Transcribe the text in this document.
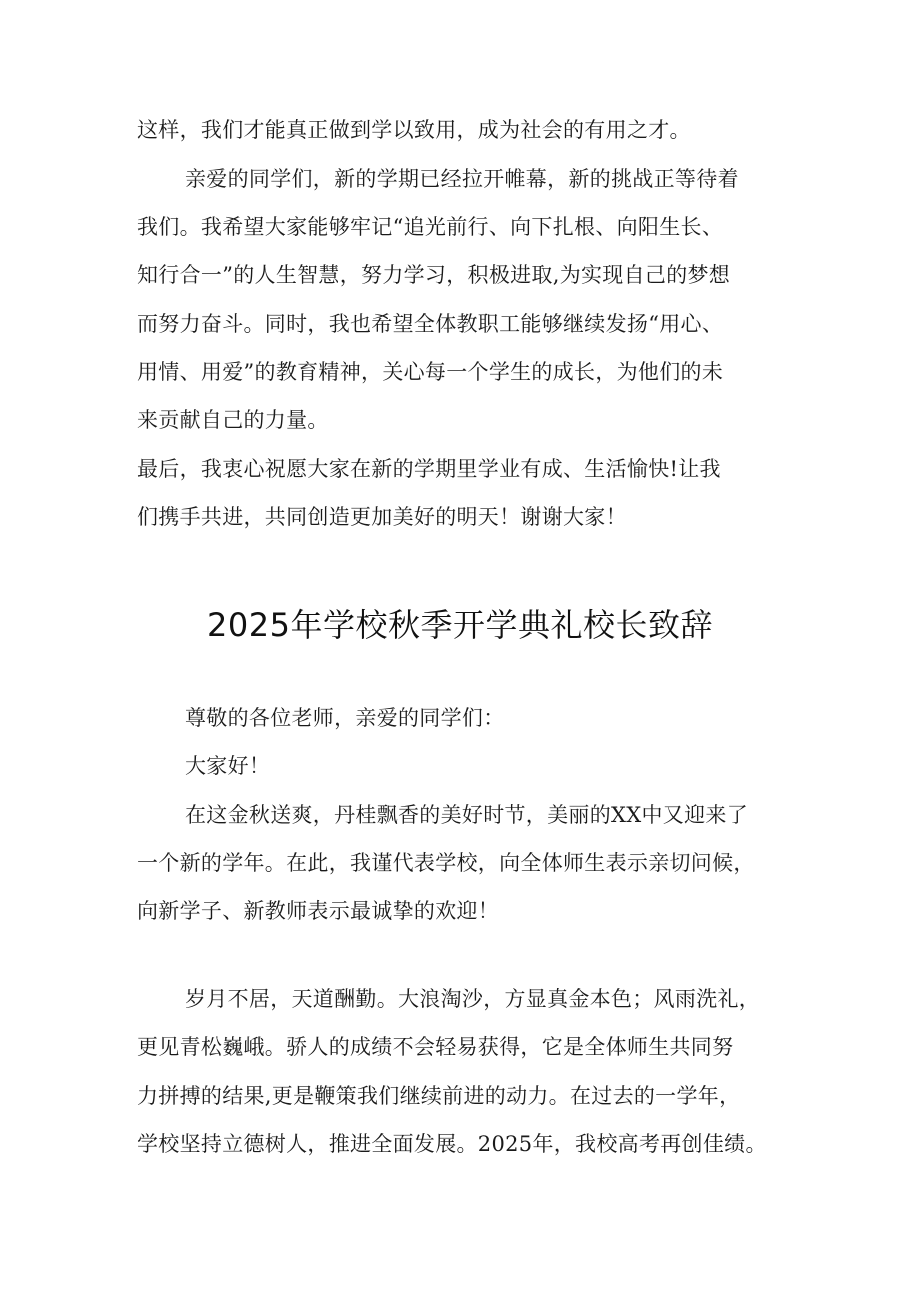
这样，我们才能真正做到学以致用，成为社会的有用之才。
亲爱的同学们，新的学期已经拉开帷幕，新的挑战正等待着
我们。我希望大家能够牢记“追光前行、向下扎根、向阳生长、
知行合一”的人生智慧，努力学习，积极进取,为实现自己的梦想
而努力奋斗。同时，我也希望全体教职工能够继续发扬“用心、
用情、用爱”的教育精神，关心每一个学生的成长，为他们的未
来贡献自己的力量。
最后，我衷心祝愿大家在新的学期里学业有成、生活愉快!让我
们携手共进，共同创造更加美好的明天！谢谢大家！
2025年学校秋季开学典礼校长致辞
尊敬的各位老师，亲爱的同学们：
大家好！
在这金秋送爽，丹桂飘香的美好时节，美丽的XX中又迎来了
一个新的学年。在此，我谨代表学校，向全体师生表示亲切问候，
向新学子、新教师表示最诚挚的欢迎！
岁月不居，天道酬勤。大浪淘沙，方显真金本色；风雨洗礼，
更见青松巍峨。骄人的成绩不会轻易获得，它是全体师生共同努
力拼搏的结果,更是鞭策我们继续前进的动力。在过去的一学年，
学校坚持立德树人，推进全面发展。2025年，我校高考再创佳绩。
